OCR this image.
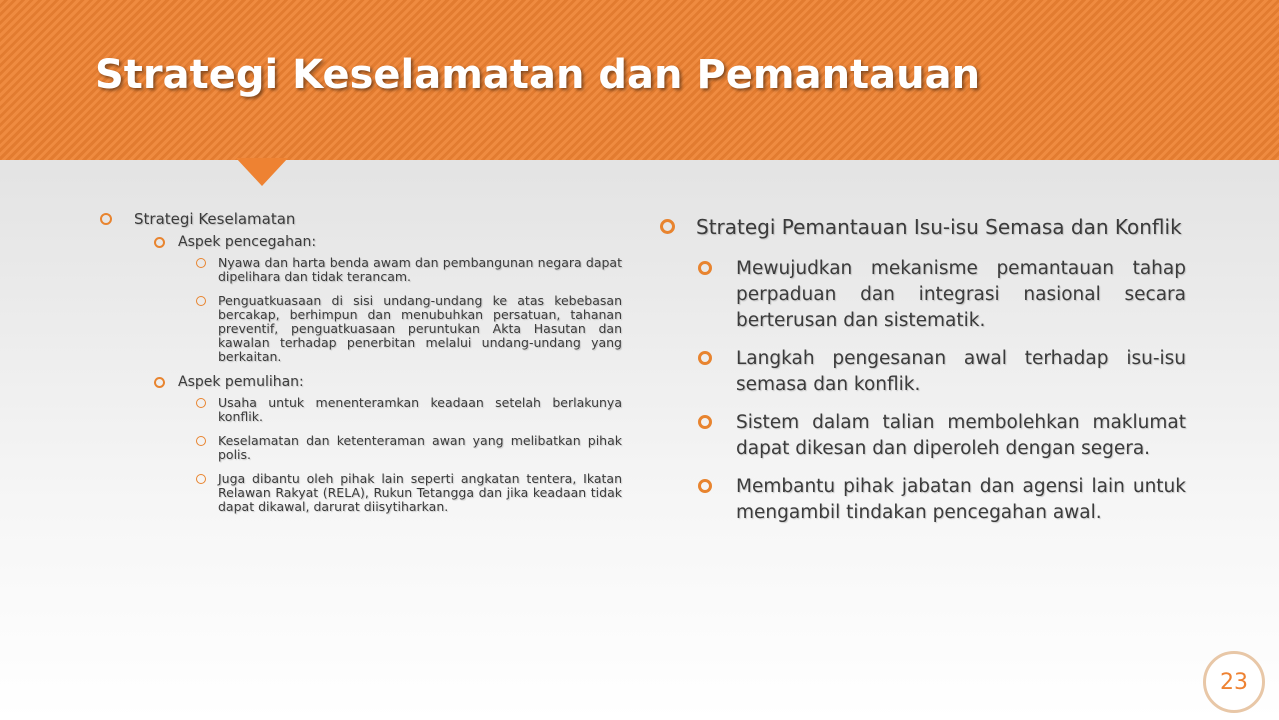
Strategi Keselamatan dan Pemantauan
Strategi Keselamatan
Aspek pencegahan:
Nyawa dan harta benda awam dan pembangunan negara dapat dipelihara dan tidak terancam.
Penguatkuasaan di sisi undang-undang ke atas kebebasan bercakap, berhimpun dan menubuhkan persatuan, tahanan preventif, penguatkuasaan peruntukan Akta Hasutan dan kawalan terhadap penerbitan melalui undang-undang yang berkaitan.
Aspek pemulihan:
Usaha untuk menenteramkan keadaan setelah berlakunya konflik.
Keselamatan dan ketenteraman awan yang melibatkan pihak polis.
Juga dibantu oleh pihak lain seperti angkatan tentera, Ikatan Relawan Rakyat (RELA), Rukun Tetangga dan jika keadaan tidak dapat dikawal, darurat diisytiharkan.
Strategi Pemantauan Isu-isu Semasa dan Konflik
Mewujudkan mekanisme pemantauan tahap perpaduan dan integrasi nasional secara berterusan dan sistematik.
Langkah pengesanan awal terhadap isu-isu semasa dan konflik.
Sistem dalam talian membolehkan maklumat dapat dikesan dan diperoleh dengan segera.
Membantu pihak jabatan dan agensi lain untuk mengambil tindakan pencegahan awal.
23
